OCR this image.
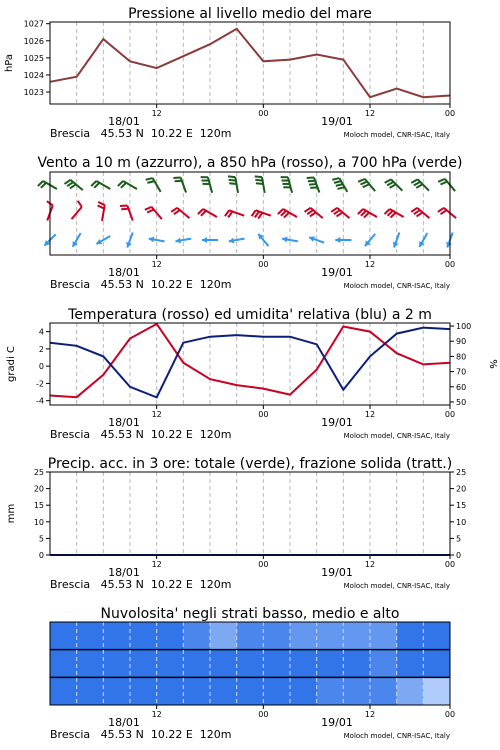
Pressione al livello medio del mare
12	00	12	00
18/01	19/01
Brescia   45.53 N  10.22 E  120m	Moloch model, CNR-ISAC, Italy
1023
1024
1025
1026
1027
hPa
Vento a 10 m (azzurro), a 850 hPa (rosso), a 700 hPa (verde)
12	00	12	00
18/01	19/01
Brescia   45.53 N  10.22 E  120m	Moloch model, CNR-ISAC, Italy
Temperatura (rosso) ed umidita' relativa (blu) a 2 m
12	00	12	00
18/01	19/01
Brescia   45.53 N  10.22 E  120m	Moloch model, CNR-ISAC, Italy
-4
-2
0
2
4
50
60
70
80
90
100
gradi C	%
Precip. acc. in 3 ore: totale (verde), frazione solida (tratt.)
12	00	12	00
18/01	19/01
Brescia   45.53 N  10.22 E  120m	Moloch model, CNR-ISAC, Italy
0
5
10
15
20
25
0
5
10
15
20
25
mm
Nuvolosita' negli strati basso, medio e alto
12	00	12	00
18/01	19/01
Brescia   45.53 N  10.22 E  120m	Moloch model, CNR-ISAC, Italy
